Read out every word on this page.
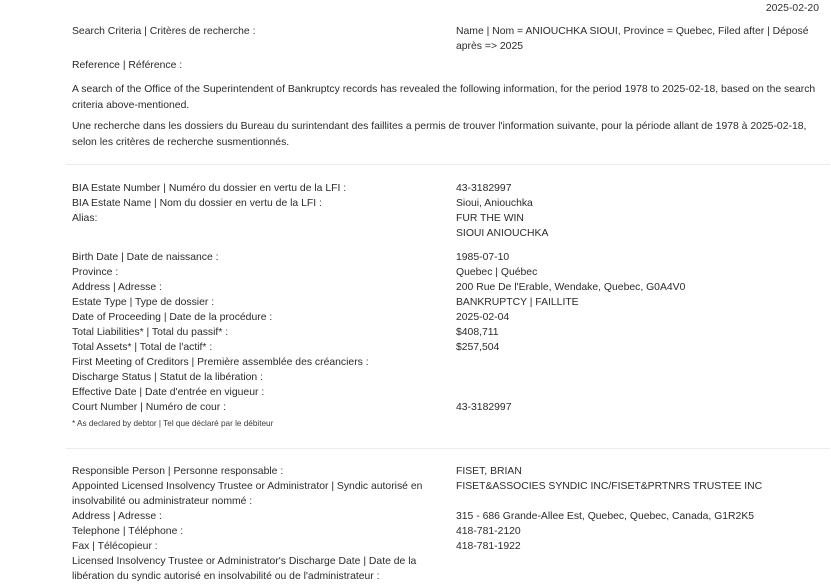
2025-02-20
Search Criteria | Critères de recherche :	Name | Nom = ANIOUCHKA SIOUI, Province = Quebec, Filed after | Déposé après => 2025
Reference | Référence :

A search of the Office of the Superintendent of Bankruptcy records has revealed the following information, for the period 1978 to 2025-02-18, based on the search criteria above-mentioned.

Une recherche dans les dossiers du Bureau du surintendant des faillites a permis de trouver l'information suivante, pour la période allant de 1978 à 2025-02-18, selon les critères de recherche susmentionnés.

BIA Estate Number | Numéro du dossier en vertu de la LFI :	43-3182997
BIA Estate Name | Nom du dossier en vertu de la LFI :	Sioui, Aniouchka
Alias:	FUR THE WIN
SIOUI ANIOUCHKA
Birth Date | Date de naissance :	1985-07-10
Province :	Quebec | Québec
Address | Adresse :	200 Rue De l'Erable, Wendake, Quebec, G0A4V0
Estate Type | Type de dossier :	BANKRUPTCY | FAILLITE
Date of Proceeding | Date de la procédure :	2025-02-04
Total Liabilities* | Total du passif* :	$408,711
Total Assets* | Total de l'actif* :	$257,504
First Meeting of Creditors | Première assemblée des créanciers :
Discharge Status | Statut de la libération :
Effective Date | Date d'entrée en vigueur :
Court Number | Numéro de cour :	43-3182997
* As declared by debtor | Tel que déclaré par le débiteur
Responsible Person | Personne responsable :	FISET, BRIAN
Appointed Licensed Insolvency Trustee or Administrator | Syndic autorisé en insolvabilité ou administrateur nommé :
FISET&ASSOCIES SYNDIC INC/FISET&PRTNRS TRUSTEE INC
Address | Adresse :	315 - 686 Grande-Allee Est, Quebec, Quebec, Canada, G1R2K5
Telephone | Téléphone :	418-781-2120
Fax | Télécopieur :	418-781-1922
Licensed Insolvency Trustee or Administrator's Discharge Date | Date de la libération du syndic autorisé en insolvabilité ou de l'administrateur :
